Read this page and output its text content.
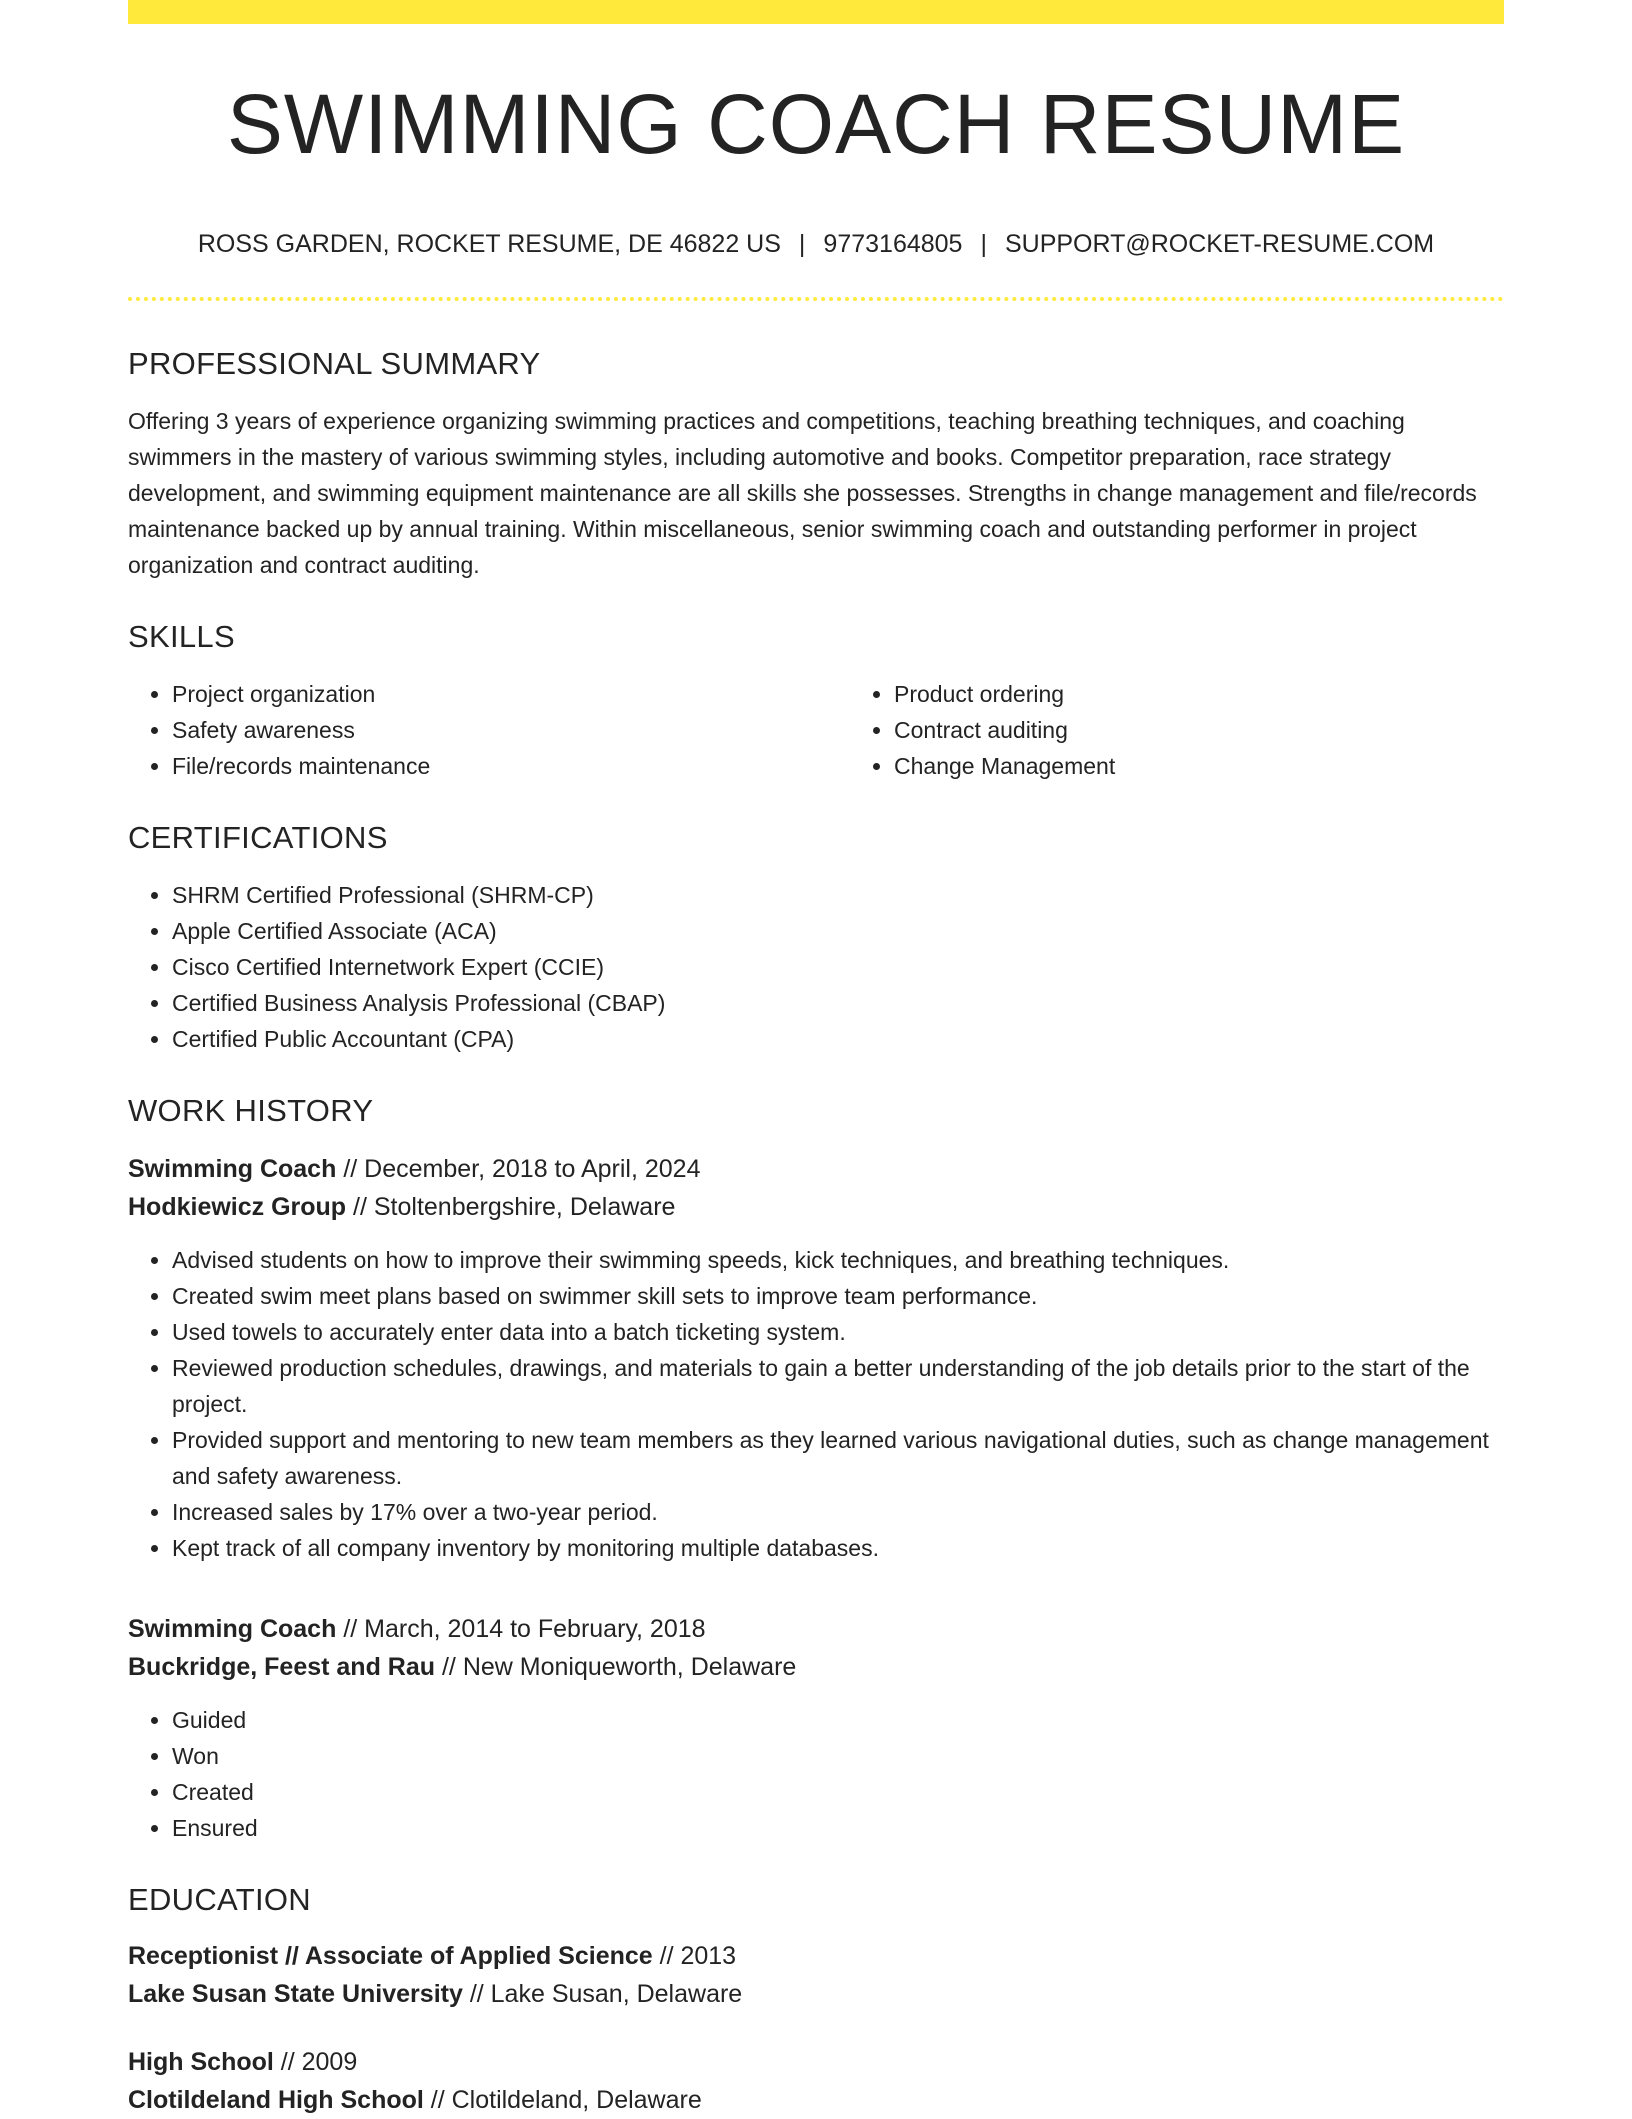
SWIMMING COACH RESUME
ROSS GARDEN, ROCKET RESUME, DE 46822 US | 9773164805 | SUPPORT@ROCKET-RESUME.COM
PROFESSIONAL SUMMARY
Offering 3 years of experience organizing swimming practices and competitions, teaching breathing techniques, and coaching swimmers in the mastery of various swimming styles, including automotive and books. Competitor preparation, race strategy development, and swimming equipment maintenance are all skills she possesses. Strengths in change management and file/records maintenance backed up by annual training. Within miscellaneous, senior swimming coach and outstanding performer in project organization and contract auditing.
SKILLS
• Project organization
• Safety awareness
• File/records maintenance
• Product ordering
• Contract auditing
• Change Management
CERTIFICATIONS
• SHRM Certified Professional (SHRM-CP)
• Apple Certified Associate (ACA)
• Cisco Certified Internetwork Expert (CCIE)
• Certified Business Analysis Professional (CBAP)
• Certified Public Accountant (CPA)
WORK HISTORY
Swimming Coach // December, 2018 to April, 2024
Hodkiewicz Group // Stoltenbergshire, Delaware
• Advised students on how to improve their swimming speeds, kick techniques, and breathing techniques.
• Created swim meet plans based on swimmer skill sets to improve team performance.
• Used towels to accurately enter data into a batch ticketing system.
• Reviewed production schedules, drawings, and materials to gain a better understanding of the job details prior to the start of the project.
• Provided support and mentoring to new team members as they learned various navigational duties, such as change management and safety awareness.
• Increased sales by 17% over a two-year period.
• Kept track of all company inventory by monitoring multiple databases.
Swimming Coach // March, 2014 to February, 2018
Buckridge, Feest and Rau // New Moniqueworth, Delaware
• Guided
• Won
• Created
• Ensured
EDUCATION
Receptionist // Associate of Applied Science // 2013
Lake Susan State University // Lake Susan, Delaware
High School // 2009
Clotildeland High School // Clotildeland, Delaware
